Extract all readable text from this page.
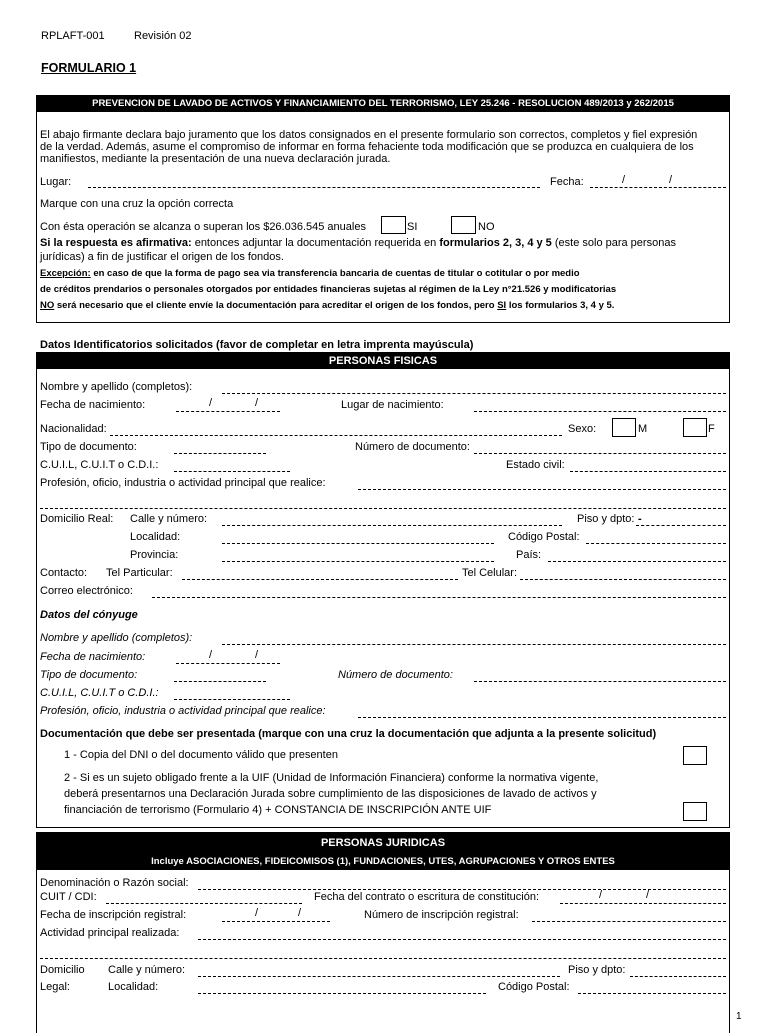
RPLAFT-001	Revisión 02
FORMULARIO 1
PREVENCION DE LAVADO DE ACTIVOS Y FINANCIAMIENTO DEL TERRORISMO, LEY 25.246 - RESOLUCION 489/2013 y 262/2015
El abajo firmante declara bajo juramento que los datos consignados en el presente formulario son correctos, completos y fiel expresión
de la verdad. Además, asume el compromiso de informar en forma fehaciente toda modificación que se produzca en cualquiera de los
manifiestos, mediante la presentación de una nueva declaración jurada.
Lugar:	Fecha:	/	/
Marque con una cruz la opción correcta
Con ésta operación se alcanza o superan los $26.036.545 anuales	SI	NO
Si la respuesta es afirmativa: entonces adjuntar la documentación requerida en formularios 2, 3, 4 y 5 (este solo para personas
jurídicas) a fin de justificar el origen de los fondos.
Excepción: en caso de que la forma de pago sea via transferencia bancaria de cuentas de titular o cotitular o por medio
de créditos prendarios o personales otorgados por entidades financieras sujetas al régimen de la Ley n°21.526 y modificatorias
NO será necesario que el cliente envíe la documentación para acreditar el origen de los fondos, pero SI los formularios 3, 4 y 5.
Datos Identificatorios solicitados (favor de completar en letra imprenta mayúscula)
PERSONAS FISICAS
Nombre y apellido (completos):
Fecha de nacimiento:	/	/	Lugar de nacimiento:
Nacionalidad:	Sexo:	M	F
Tipo de documento:	Número de documento:
C.U.I.L, C.U.I.T o C.D.I.:	Estado civil:
Profesión, oficio, industria o actividad principal que realice:
Domicilio Real: Calle y número:	Piso y dpto: -
Localidad:	Código Postal:
Provincia:	País:
Contacto: Tel Particular:	Tel Celular:
Correo electrónico:
Datos del cónyuge
Nombre y apellido (completos):
Fecha de nacimiento:	/	/
Tipo de documento:	Número de documento:
C.U.I.L, C.U.I.T o C.D.I.:
Profesión, oficio, industria o actividad principal que realice:
Documentación que debe ser presentada (marque con una cruz la documentación que adjunta a la presente solicitud)
1 - Copia del DNI o del documento válido que presenten
2 - Si es un sujeto obligado frente a la UIF (Unidad de Información Financiera) conforme la normativa vigente,
deberá presentarnos una Declaración Jurada sobre cumplimiento de las disposiciones de lavado de activos y
financiación de terrorismo (Formulario 4) + CONSTANCIA DE INSCRIPCIÓN ANTE UIF
PERSONAS JURIDICAS
Incluye ASOCIACIONES, FIDEICOMISOS (1), FUNDACIONES, UTES, AGRUPACIONES Y OTROS ENTES
Denominación o Razón social:
CUIT / CDI:	Fecha del contrato o escritura de constitución:	/	/
Fecha de inscripción registral:	/	/	Número de inscripción registral:
Actividad principal realizada:
Domicilio Calle y número:	Piso y dpto:
Legal:	Localidad:	Código Postal:
1
